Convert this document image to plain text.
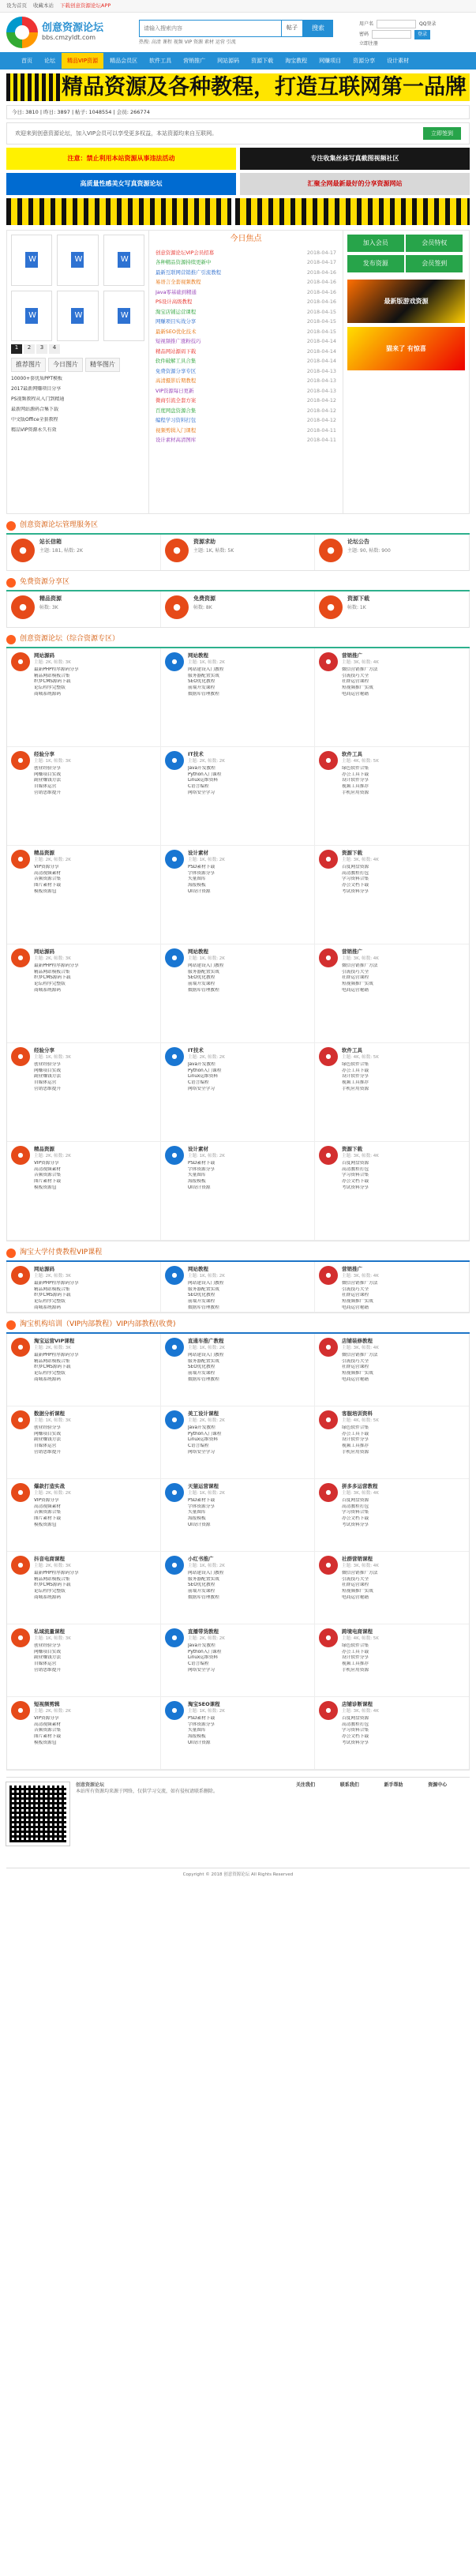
设为首页 收藏本站 下载创意资源论坛APP
创意资源论坛
bbs.cmzyldt.com
请输入搜索内容
帖子	搜索
热搜: 高清 课程 视频 VIP 资源 素材 运营 引流
用户名	QQ登录
密码	登录
立即注册
首页	论坛	精品VIP资源	精品会员区	软件工具	营销推广	网站源码	资源下载	淘宝教程	网赚项目	资源分享	设计素材
精品资源及各种教程，打造互联网第一品牌
今日: 3810 | 昨日: 3897 | 帖子: 1048554 | 会员: 266774
欢迎来到创意资源论坛，加入VIP会员可以享受更多权益，本站资源均来自互联网。	立即签到
注意：禁止利用本站资源从事违法活动	专注收集丝袜写真截图视频社区
高质量性感美女写真资源论坛	汇聚全网最新最好的分享资源网站
W
W
W
W
W
W
1	2	3	4
推荐图片	今日图片	精华图片
10000+套优质PPT模板
2017最新网赚项目分享
PS视频教程从入门到精通
最新网站源码合集下载
中文版Office全套教程
精品VIP资源永久有效
今日焦点
创意资源论坛VIP会员招募	2018-04-17
各种精品资源持续更新中	2018-04-17
最新互联网营销推广引流教程	2018-04-16
易语言全套视频教程	2018-04-16
Java零基础到精通	2018-04-16
PS设计高级教程	2018-04-16
淘宝店铺运营课程	2018-04-15
网赚项目实战分享	2018-04-15
最新SEO优化技术	2018-04-15
短视频推广涨粉技巧	2018-04-14
精品网站源码下载	2018-04-14
软件破解工具合集	2018-04-14
免费资源分享专区	2018-04-13
高清摄影后期教程	2018-04-13
VIP资源每日更新	2018-04-13
微商引流全套方案	2018-04-12
百度网盘资源合集	2018-04-12
编程学习资料打包	2018-04-12
视频剪辑入门课程	2018-04-11
设计素材高清图库	2018-04-11
加入会员	会员特权 发布资源	会员签到
最新版游戏资源
猫来了 有惊喜
创意资源论坛管理服务区
●
站长信箱
主题: 181, 帖数: 2K	●
资源求助
主题: 1K, 帖数: 5K	●
论坛公告
主题: 90, 帖数: 900
免费资源分享区
●
精品资源
帖数: 3K	●
免费资源
帖数: 8K	●
资源下载
帖数: 1K
创意资源论坛（综合资源专区）
●
网站源码
主题: 2K, 帖数: 3K
最新PHP程序源码分享
精品网站模板合集
织梦CMS源码下载
论坛程序完整版
商城系统源码
●
网站教程
主题: 1K, 帖数: 2K
网站建设入门教程
服务器配置实战
SEO优化教程
前端开发课程
数据库管理教程
●
营销推广
主题: 3K, 帖数: 4K
微信营销推广方法
引流技巧大全
社群运营课程
短视频推广实战
电商运营秘籍
●
经验分享
主题: 1K, 帖数: 3K
创业经验分享
网赚项目实战
副业赚钱方法
自媒体运营
营销思维提升
●
IT技术
主题: 2K, 帖数: 2K
Java开发教程
Python入门课程
Linux运维资料
C语言编程
网络安全学习
●
软件工具
主题: 4K, 帖数: 5K
绿色软件合集
办公工具下载
设计软件分享
视频工具推荐
手机应用资源
●
精品资源
主题: 2K, 帖数: 2K
VIP资源分享
高清视频素材
音频资源合集
图片素材下载
模板资源包
●
设计素材
主题: 1K, 帖数: 2K
PSD素材下载
字体资源分享
矢量图库
海报模板
UI设计资源
●
资源下载
主题: 3K, 帖数: 4K
百度网盘资源
高清教程打包
学习资料合集
办公文档下载
考试资料分享
●
网站源码
主题: 2K, 帖数: 3K
最新PHP程序源码分享
精品网站模板合集
织梦CMS源码下载
论坛程序完整版
商城系统源码
●
网站教程
主题: 1K, 帖数: 2K
网站建设入门教程
服务器配置实战
SEO优化教程
前端开发课程
数据库管理教程
●
营销推广
主题: 3K, 帖数: 4K
微信营销推广方法
引流技巧大全
社群运营课程
短视频推广实战
电商运营秘籍
●
经验分享
主题: 1K, 帖数: 3K
创业经验分享
网赚项目实战
副业赚钱方法
自媒体运营
营销思维提升
●
IT技术
主题: 2K, 帖数: 2K
Java开发教程
Python入门课程
Linux运维资料
C语言编程
网络安全学习
●
软件工具
主题: 4K, 帖数: 5K
绿色软件合集
办公工具下载
设计软件分享
视频工具推荐
手机应用资源
●
精品资源
主题: 2K, 帖数: 2K
VIP资源分享
高清视频素材
音频资源合集
图片素材下载
模板资源包
●
设计素材
主题: 1K, 帖数: 2K
PSD素材下载
字体资源分享
矢量图库
海报模板
UI设计资源
●
资源下载
主题: 3K, 帖数: 4K
百度网盘资源
高清教程打包
学习资料合集
办公文档下载
考试资料分享
淘宝大学付费教程VIP课程
●
网站源码
主题: 2K, 帖数: 3K
最新PHP程序源码分享
精品网站模板合集
织梦CMS源码下载
论坛程序完整版
商城系统源码
●
网站教程
主题: 1K, 帖数: 2K
网站建设入门教程
服务器配置实战
SEO优化教程
前端开发课程
数据库管理教程
●
营销推广
主题: 3K, 帖数: 4K
微信营销推广方法
引流技巧大全
社群运营课程
短视频推广实战
电商运营秘籍
淘宝机构培训（VIP内部教程）VIP内部教程(收费)
●
淘宝运营VIP课程
主题: 2K, 帖数: 3K
最新PHP程序源码分享
精品网站模板合集
织梦CMS源码下载
论坛程序完整版
商城系统源码
●
直通车推广教程
主题: 1K, 帖数: 2K
网站建设入门教程
服务器配置实战
SEO优化教程
前端开发课程
数据库管理教程
●
店铺装修教程
主题: 3K, 帖数: 4K
微信营销推广方法
引流技巧大全
社群运营课程
短视频推广实战
电商运营秘籍
●
数据分析课程
主题: 1K, 帖数: 3K
创业经验分享
网赚项目实战
副业赚钱方法
自媒体运营
营销思维提升
●
美工设计课程
主题: 2K, 帖数: 2K
Java开发教程
Python入门课程
Linux运维资料
C语言编程
网络安全学习
●
客服培训资料
主题: 4K, 帖数: 5K
绿色软件合集
办公工具下载
设计软件分享
视频工具推荐
手机应用资源
●
爆款打造实战
主题: 2K, 帖数: 2K
VIP资源分享
高清视频素材
音频资源合集
图片素材下载
模板资源包
●
天猫运营课程
主题: 1K, 帖数: 2K
PSD素材下载
字体资源分享
矢量图库
海报模板
UI设计资源
●
拼多多运营教程
主题: 3K, 帖数: 4K
百度网盘资源
高清教程打包
学习资料合集
办公文档下载
考试资料分享
●
抖音电商课程
主题: 2K, 帖数: 3K
最新PHP程序源码分享
精品网站模板合集
织梦CMS源码下载
论坛程序完整版
商城系统源码
●
小红书推广
主题: 1K, 帖数: 2K
网站建设入门教程
服务器配置实战
SEO优化教程
前端开发课程
数据库管理教程
●
社群营销课程
主题: 3K, 帖数: 4K
微信营销推广方法
引流技巧大全
社群运营课程
短视频推广实战
电商运营秘籍
●
私域流量课程
主题: 1K, 帖数: 3K
创业经验分享
网赚项目实战
副业赚钱方法
自媒体运营
营销思维提升
●
直播带货教程
主题: 2K, 帖数: 2K
Java开发教程
Python入门课程
Linux运维资料
C语言编程
网络安全学习
●
跨境电商课程
主题: 4K, 帖数: 5K
绿色软件合集
办公工具下载
设计软件分享
视频工具推荐
手机应用资源
●
短视频剪辑
主题: 2K, 帖数: 2K
VIP资源分享
高清视频素材
音频资源合集
图片素材下载
模板资源包
●
淘宝SEO课程
主题: 1K, 帖数: 2K
PSD素材下载
字体资源分享
矢量图库
海报模板
UI设计资源
●
店铺诊断课程
主题: 3K, 帖数: 4K
百度网盘资源
高清教程打包
学习资料合集
办公文档下载
考试资料分享
创意资源论坛
本站所有资源均来源于网络，仅供学习交流，如有侵权请联系删除。
关注我们	联系我们	新手帮助	资源中心
Copyright © 2018 创意资源论坛 All Rights Reserved
